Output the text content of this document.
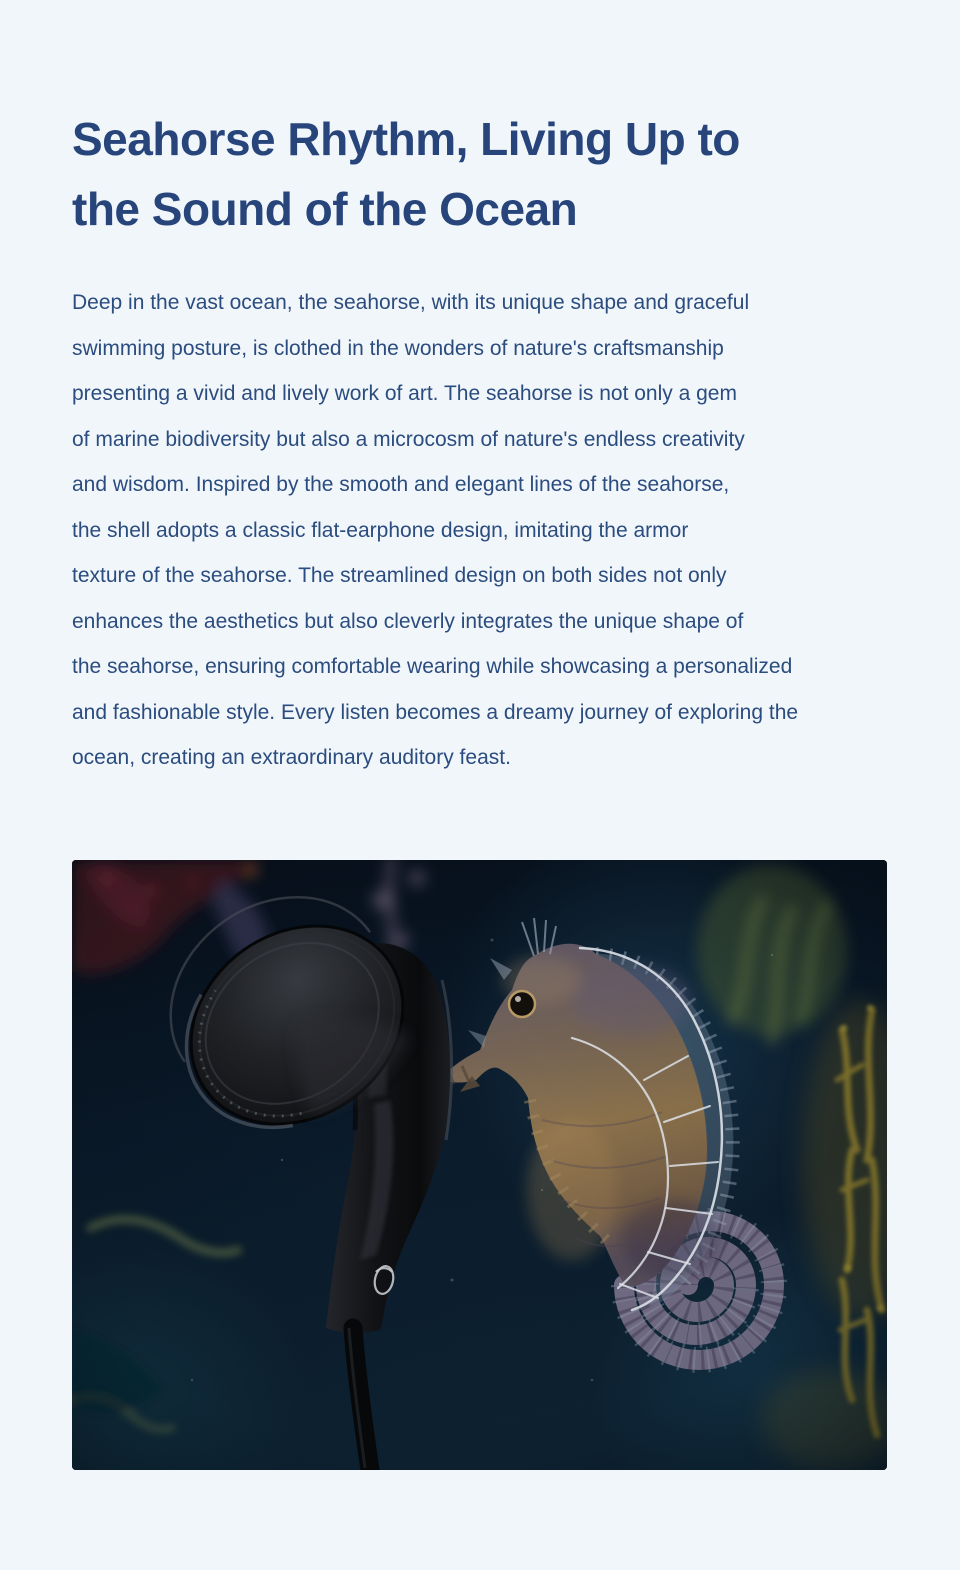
Seahorse Rhythm, Living Up to
the Sound of the Ocean
Deep in the vast ocean, the seahorse, with its unique shape and graceful
swimming posture, is clothed in the wonders of nature's craftsmanship
presenting a vivid and lively work of art. The seahorse is not only a gem
of marine biodiversity but also a microcosm of nature's endless creativity
and wisdom. Inspired by the smooth and elegant lines of the seahorse,
the shell adopts a classic flat-earphone design, imitating the armor
texture of the seahorse. The streamlined design on both sides not only
enhances the aesthetics but also cleverly integrates the unique shape of
the seahorse, ensuring comfortable wearing while showcasing a personalized
and fashionable style. Every listen becomes a dreamy journey of exploring the
ocean, creating an extraordinary auditory feast.
